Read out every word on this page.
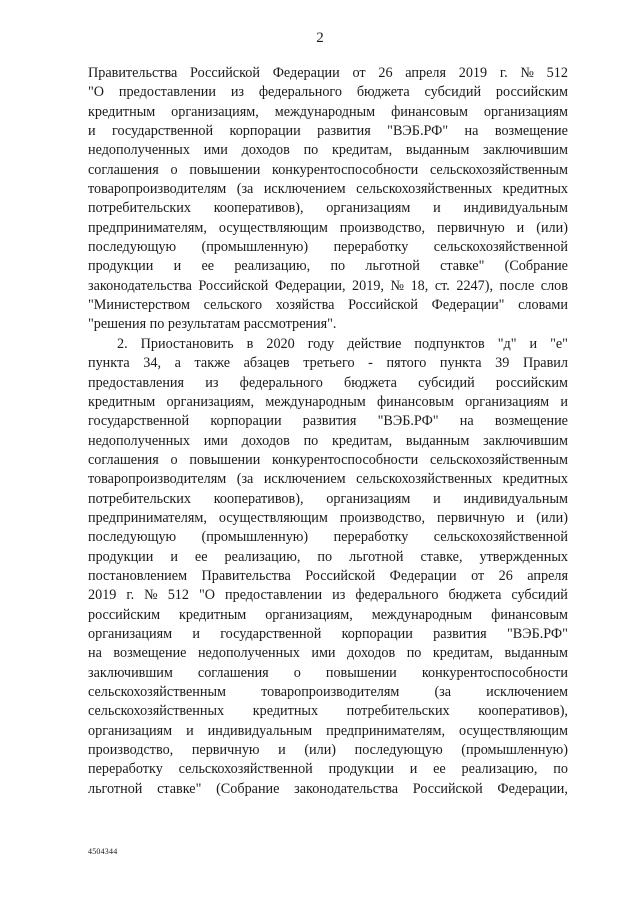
2
Правительства Российской Федерации от 26 апреля 2019 г. № 512
"О предоставлении из федерального бюджета субсидий российским
кредитным организациям, международным финансовым организациям
и государственной корпорации развития "ВЭБ.РФ" на возмещение
недополученных ими доходов по кредитам, выданным заключившим
соглашения о повышении конкурентоспособности сельскохозяйственным
товаропроизводителям (за исключением сельскохозяйственных кредитных
потребительских кооперативов), организациям и индивидуальным
предпринимателям, осуществляющим производство, первичную и (или)
последующую (промышленную) переработку сельскохозяйственной
продукции и ее реализацию, по льготной ставке" (Собрание
законодательства Российской Федерации, 2019, № 18, ст. 2247), после слов
"Министерством сельского хозяйства Российской Федерации" словами
"решения
по
результатам
рассмотрения".
2. Приостановить в 2020 году действие подпунктов "д" и "е"
пункта 34, а также абзацев третьего - пятого пункта 39 Правил
предоставления из федерального бюджета субсидий российским
кредитным организациям, международным финансовым организациям и
государственной корпорации развития "ВЭБ.РФ" на возмещение
недополученных ими доходов по кредитам, выданным заключившим
соглашения о повышении конкурентоспособности сельскохозяйственным
товаропроизводителям (за исключением сельскохозяйственных кредитных
потребительских кооперативов), организациям и индивидуальным
предпринимателям, осуществляющим производство, первичную и (или)
последующую (промышленную) переработку сельскохозяйственной
продукции и ее реализацию, по льготной ставке, утвержденных
постановлением Правительства Российской Федерации от 26 апреля
2019 г. № 512 "О предоставлении из федерального бюджета субсидий
российским кредитным организациям, международным финансовым
организациям и государственной корпорации развития "ВЭБ.РФ"
на возмещение недополученных ими доходов по кредитам, выданным
заключившим соглашения о повышении конкурентоспособности
сельскохозяйственным товаропроизводителям (за исключением
сельскохозяйственных кредитных потребительских кооперативов),
организациям и индивидуальным предпринимателям, осуществляющим
производство, первичную и (или) последующую (промышленную)
переработку сельскохозяйственной продукции и ее реализацию, по
льготной ставке" (Собрание законодательства Российской Федерации,
4504344
